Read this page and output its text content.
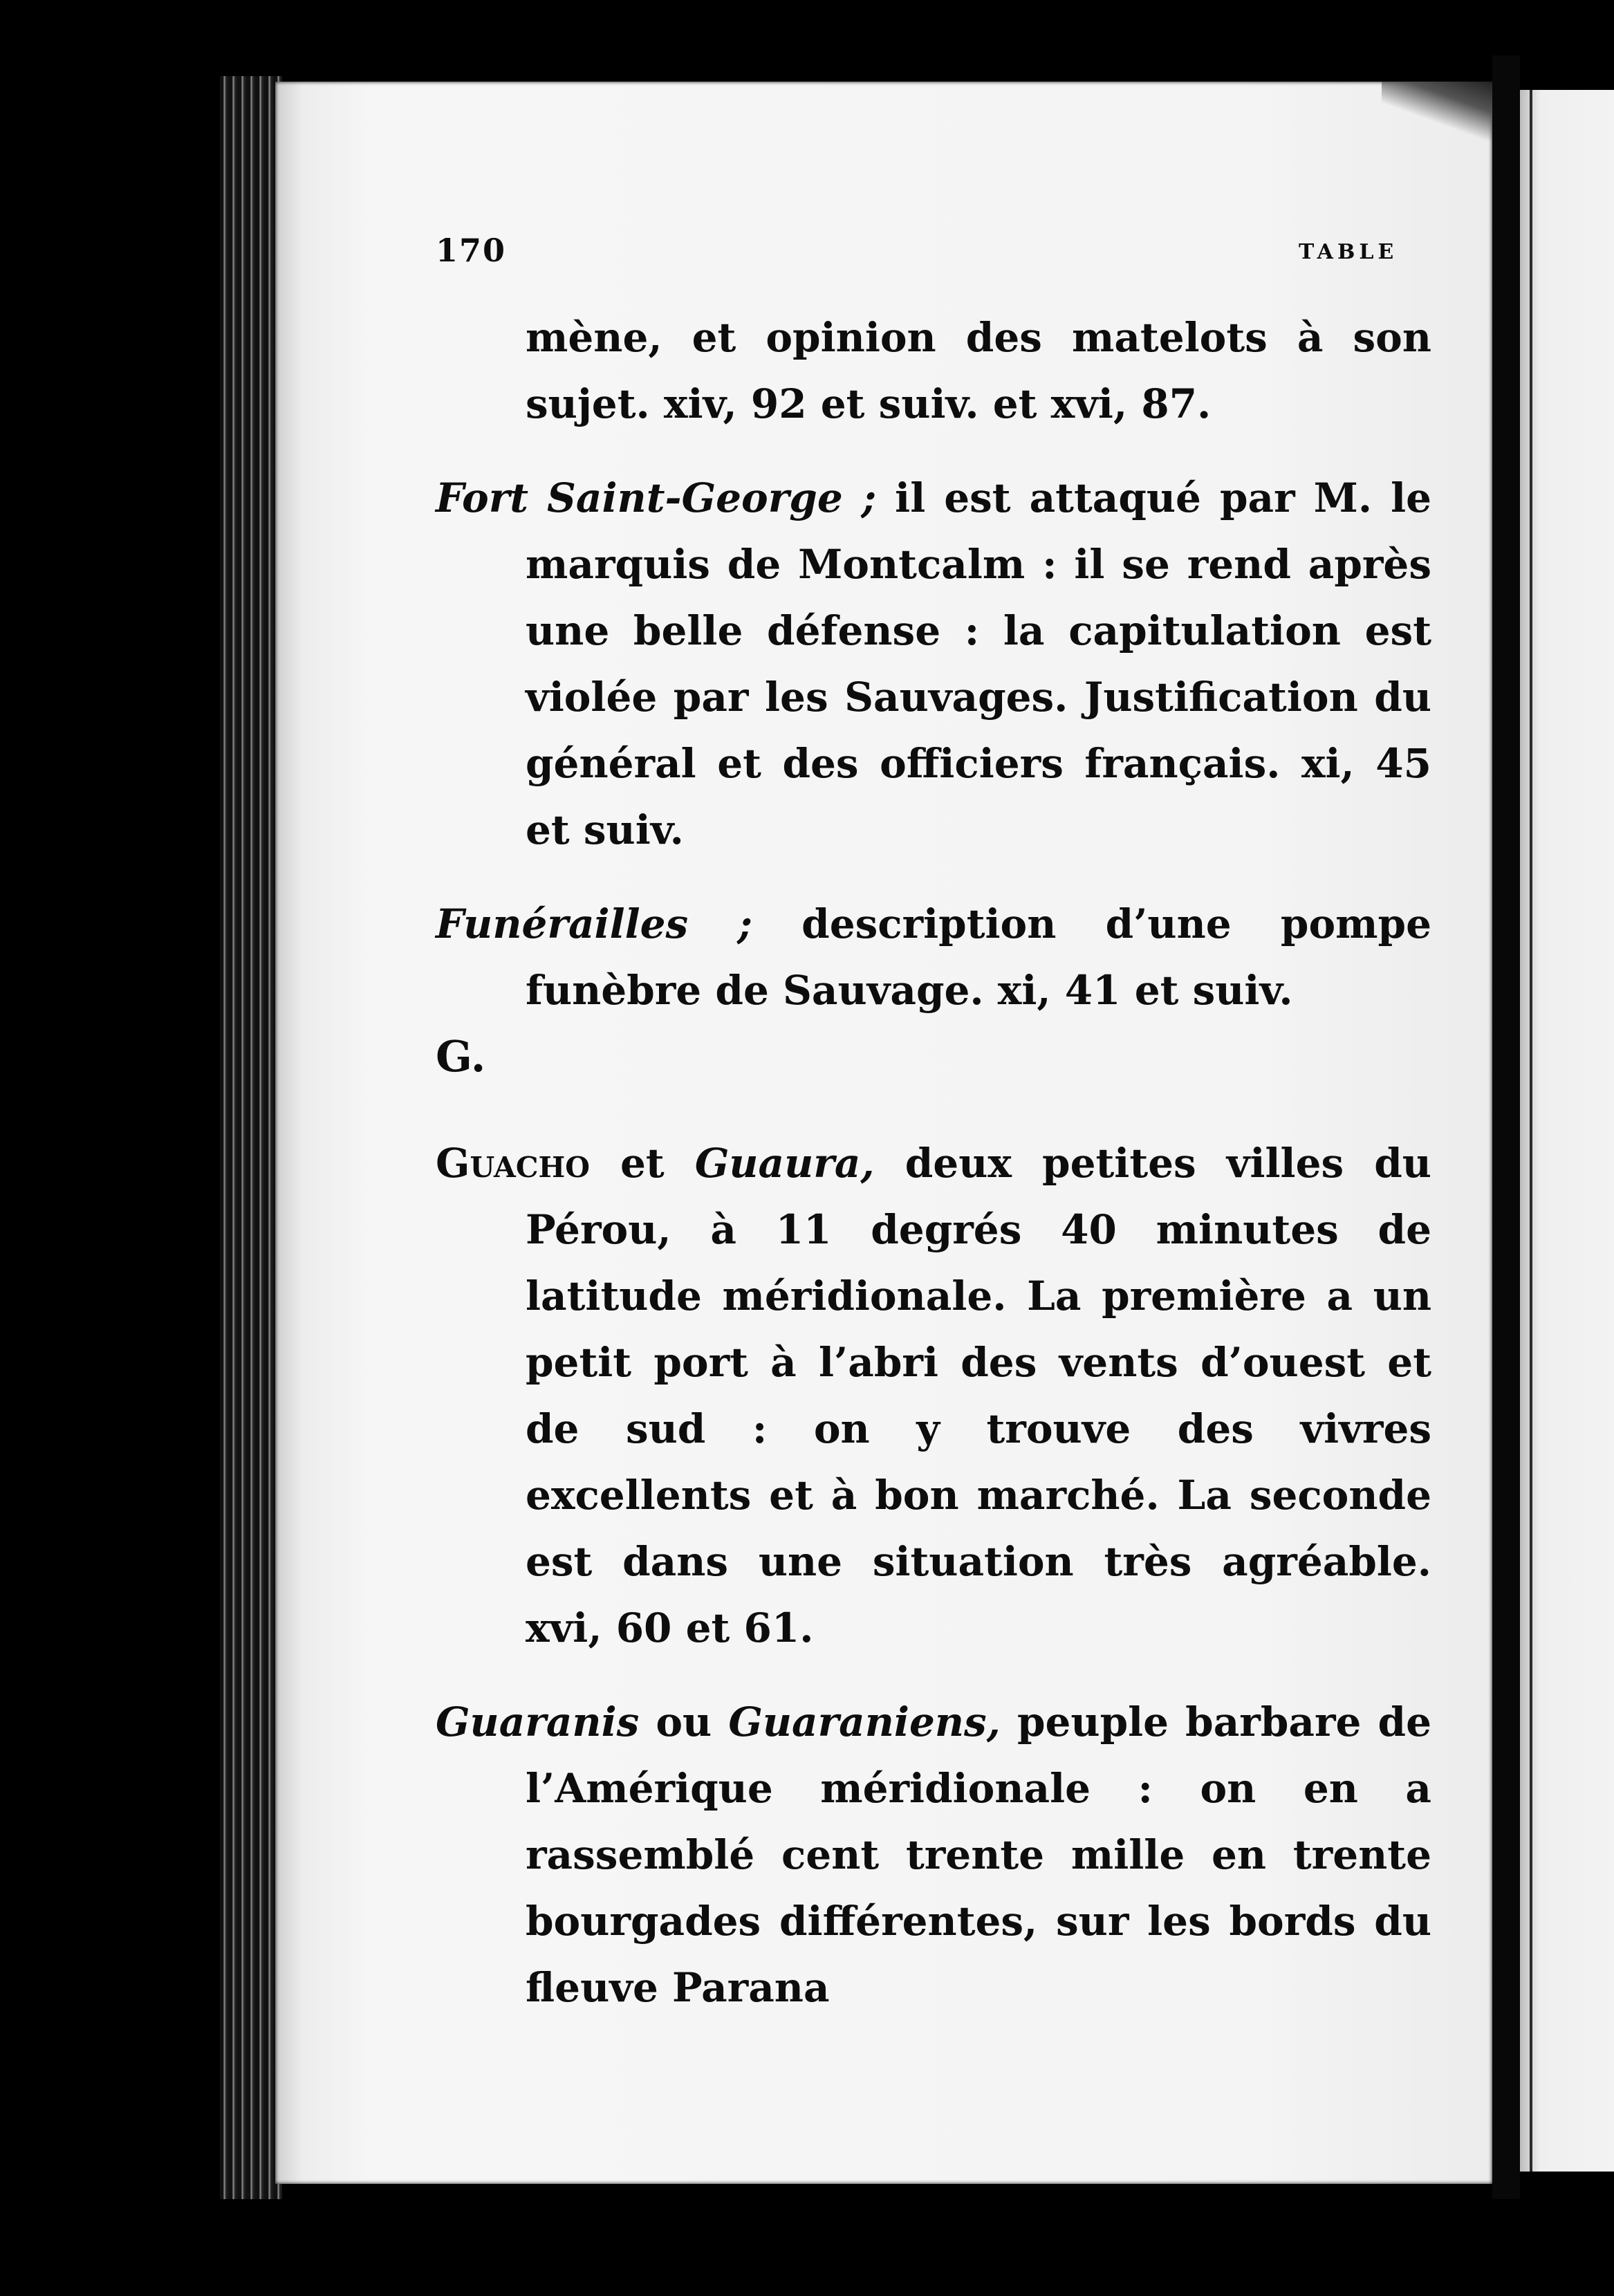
170	TABLE

mène, et opinion des matelots à son sujet. xiv, 92 et suiv. et xvi, 87.

Fort Saint-George ; il est attaqué par M. le marquis de Montcalm : il se rend après une belle défense : la capitulation est violée par les Sauvages. Justification du général et des officiers français. xi, 45 et suiv.

Funérailles ; description d’une pompe funèbre de Sauvage. xi, 41 et suiv.

G.

Guacho et Guaura, deux petites villes du Pérou, à 11 degrés 40 minutes de latitude méridionale. La première a un petit port à l’abri des vents d’ouest et de sud : on y trouve des vivres excellents et à bon marché. La seconde est dans une situation très agréable. xvi, 60 et 61.

Guaranis ou Guaraniens, peuple barbare de l’Amérique méridionale : on en a rassemblé cent trente mille en trente bourgades différentes, sur les bords du fleuve Parana
